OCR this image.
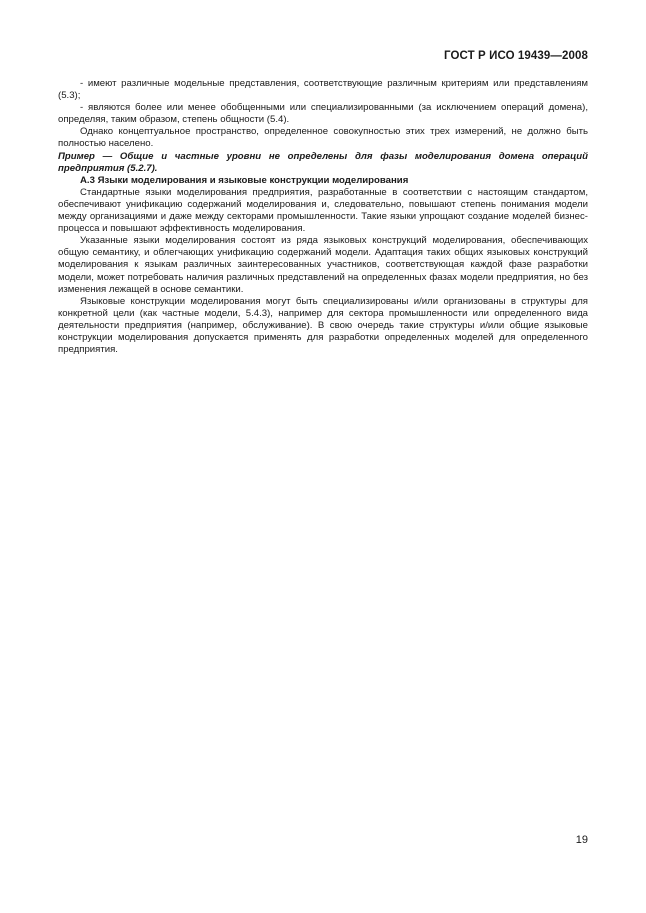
ГОСТ Р ИСО 19439—2008

- имеют различные модельные представления, соответствующие различным критериям или представлениям (5.3);

- являются более или менее обобщенными или специализированными (за исключением операций домена), определяя, таким образом, степень общности (5.4).

Однако концептуальное пространство, определенное совокупностью этих трех измерений, не должно быть полностью населено.

Пример — Общие и частные уровни не определены для фазы моделирования домена операций предприятия (5.2.7).

А.3 Языки моделирования и языковые конструкции моделирования

Стандартные языки моделирования предприятия, разработанные в соответствии с настоящим стандартом, обеспечивают унификацию содержаний моделирования и, следовательно, повышают степень понимания модели между организациями и даже между секторами промышленности. Такие языки упрощают создание моделей бизнес-процесса и повышают эффективность моделирования.

Указанные языки моделирования состоят из ряда языковых конструкций моделирования, обеспечивающих общую семантику, и облегчающих унификацию содержаний модели. Адаптация таких общих языковых конструкций моделирования к языкам различных заинтересованных участников, соответствующая каждой фазе разработки модели, может потребовать наличия различных представлений на определенных фазах модели предприятия, но без изменения лежащей в основе семантики.

Языковые конструкции моделирования могут быть специализированы и/или организованы в структуры для конкретной цели (как частные модели, 5.4.3), например для сектора промышленности или определенного вида деятельности предприятия (например, обслуживание). В свою очередь такие структуры и/или общие языковые конструкции моделирования допускается применять для разработки определенных моделей для определенного предприятия.

19
